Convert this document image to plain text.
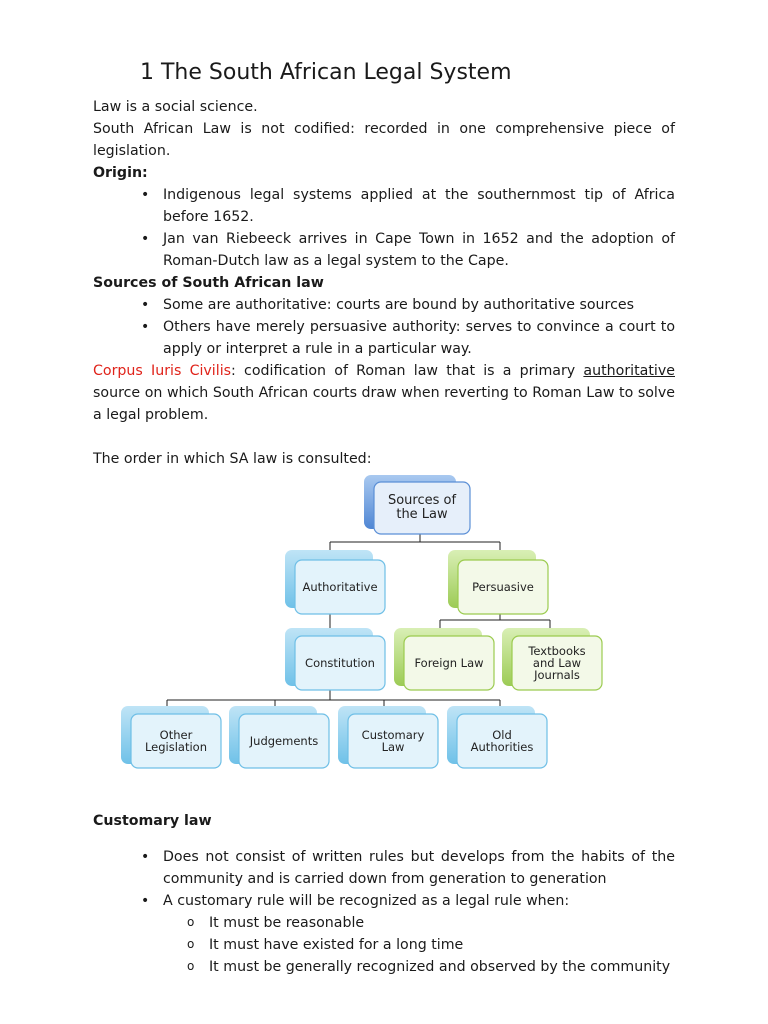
1 The South African Legal System

Law is a social science.

South African Law is not codified: recorded in one comprehensive piece of legislation.

Origin:

• Indigenous legal systems applied at the southernmost tip of Africa before 1652.
• Jan van Riebeeck arrives in Cape Town in 1652 and the adoption of Roman-Dutch law as a legal system to the Cape.

Sources of South African law

• Some are authoritative: courts are bound by authoritative sources
• Others have merely persuasive authority: serves to convince a court to apply or interpret a rule in a particular way.

Corpus Iuris Civilis: codification of Roman law that is a primary authoritative source on which South African courts draw when reverting to Roman Law to solve a legal problem.

The order in which SA law is consulted:

Sources of the Law
Authoritative	Persuasive
Constitution	Foreign Law
Textbooks and Law Journals
Other Legislation	Judgements	Customary Law
Old Authorities

Customary law

• Does not consist of written rules but develops from the habits of the community and is carried down from generation to generation
• A customary rule will be recognized as a legal rule when:
o It must be reasonable
o It must have existed for a long time
o It must be generally recognized and observed by the community
